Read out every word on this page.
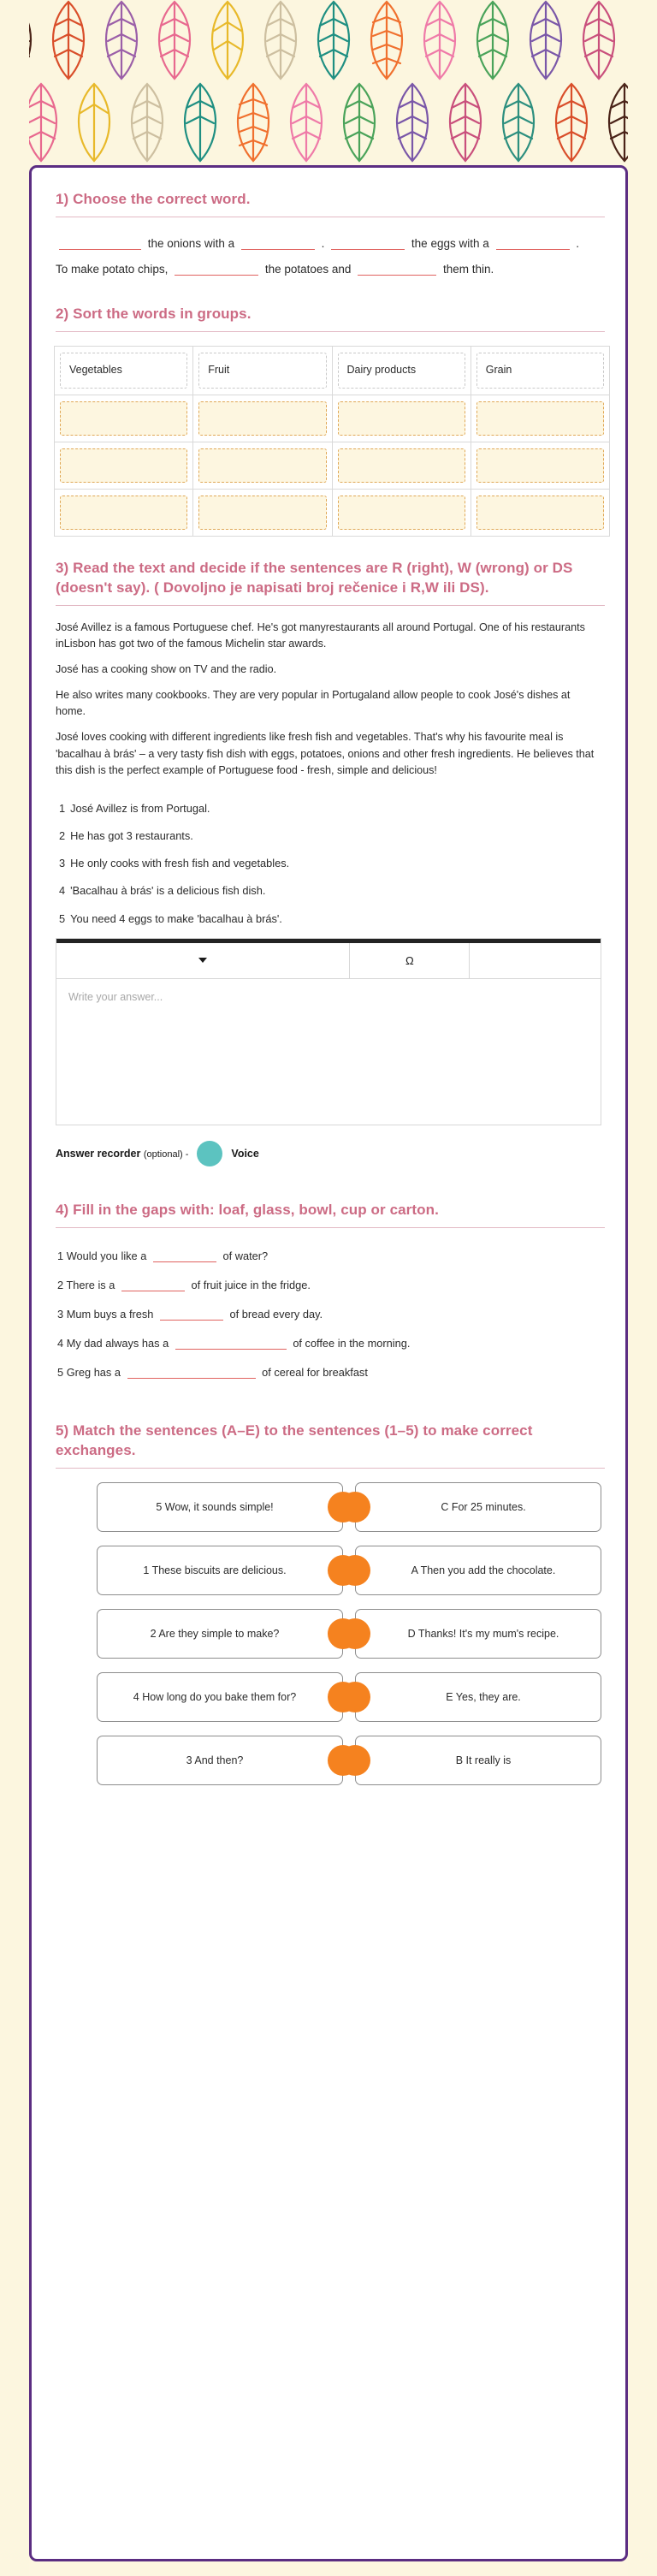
1) Choose the correct word.
the onions with a	.	the eggs with a	.
To make potato chips,	the potatoes and	them thin.
2) Sort the words in groups.
Vegetables	Fruit	Dairy products	Grain

3) Read the text and decide if the sentences are R (right), W (wrong) or DS (doesn't say). ( Dovoljno je napisati broj rečenice i R,W ili DS).

José Avillez is a famous Portuguese chef. He's got manyrestaurants all around Portugal. One of his restaurants inLisbon has got two of the famous Michelin star awards.

José has a cooking show on TV and the radio.

He also writes many cookbooks. They are very popular in Portugaland allow people to cook José's dishes at home.

José loves cooking with different ingredients like fresh fish and vegetables. That's why his favourite meal is 'bacalhau à brás' – a very tasty fish dish with eggs, potatoes, onions and other fresh ingredients. He believes that this dish is the perfect example of Portuguese food - fresh, simple and delicious!

1 José Avillez is from Portugal.
2 He has got 3 restaurants.
3 He only cooks with fresh fish and vegetables.
4 'Bacalhau à brás' is a delicious fish dish.
5 You need 4 eggs to make 'bacalhau à brás'.
Ω
Write your answer...
Answer recorder (optional) -	Voice
4) Fill in the gaps with: loaf, glass, bowl, cup or carton.
1 Would you like a	of water?
2 There is a	of fruit juice in the fridge.
3 Mum buys a fresh	of bread every day.
4 My dad always has a	of coffee in the morning.
5 Greg has a	of cereal for breakfast
5) Match the sentences (A–E) to the sentences (1–5) to make correct exchanges.
5 Wow, it sounds simple!
1 These biscuits are delicious.
2 Are they simple to make?
4 How long do you bake them for?
3 And then?
C For 25 minutes.
A Then you add the chocolate.
D Thanks! It's my mum's recipe.
E Yes, they are.
B It really is
